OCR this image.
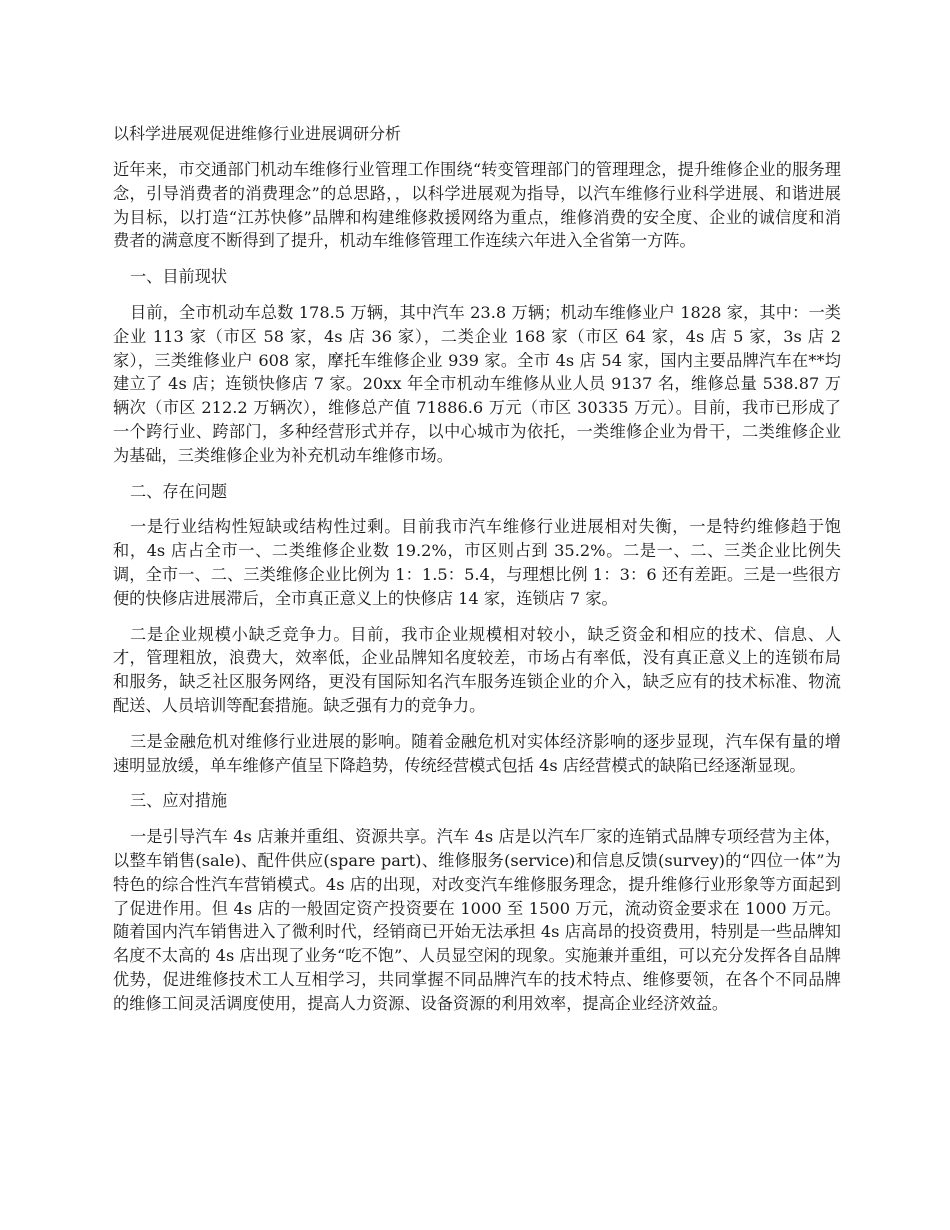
以科学进展观促进维修行业进展调研分析

近年来，市交通部门机动车维修行业管理工作围绕“转变管理部门的管理理念，提升维修企业的服务理念，引导消费者的消费理念”的总思路，，以科学进展观为指导，以汽车维修行业科学进展、和谐进展为目标，以打造“江苏快修”品牌和构建维修救援网络为重点，维修消费的安全度、企业的诚信度和消费者的满意度不断得到了提升，机动车维修管理工作连续六年进入全省第一方阵。

一、目前现状

目前，全市机动车总数 178.5 万辆，其中汽车 23.8 万辆；机动车维修业户 1828 家，其中：一类企业 113 家（市区 58 家，4s 店 36 家），二类企业 168 家（市区 64 家，4s 店 5 家，3s 店 2 家），三类维修业户 608 家，摩托车维修企业 939 家。全市 4s 店 54 家，国内主要品牌汽车在**均建立了 4s 店；连锁快修店 7 家。20xx 年全市机动车维修从业人员 9137 名，维修总量 538.87 万辆次（市区 212.2 万辆次），维修总产值 71886.6 万元（市区 30335 万元）。目前，我市已形成了一个跨行业、跨部门，多种经营形式并存，以中心城市为依托，一类维修企业为骨干，二类维修企业为基础，三类维修企业为补充机动车维修市场。

二、存在问题

一是行业结构性短缺或结构性过剩。目前我市汽车维修行业进展相对失衡，一是特约维修趋于饱和，4s 店占全市一、二类维修企业数 19.2%，市区则占到 35.2%。二是一、二、三类企业比例失调，全市一、二、三类维修企业比例为 1：1.5：5.4，与理想比例 1：3：6 还有差距。三是一些很方便的快修店进展滞后，全市真正意义上的快修店 14 家，连锁店 7 家。

二是企业规模小缺乏竞争力。目前，我市企业规模相对较小，缺乏资金和相应的技术、信息、人才，管理粗放，浪费大，效率低，企业品牌知名度较差，市场占有率低，没有真正意义上的连锁布局和服务，缺乏社区服务网络，更没有国际知名汽车服务连锁企业的介入，缺乏应有的技术标准、物流配送、人员培训等配套措施。缺乏强有力的竞争力。

三是金融危机对维修行业进展的影响。随着金融危机对实体经济影响的逐步显现，汽车保有量的增速明显放缓，单车维修产值呈下降趋势，传统经营模式包括 4s 店经营模式的缺陷已经逐渐显现。

三、应对措施

一是引导汽车 4s 店兼并重组、资源共享。汽车 4s 店是以汽车厂家的连销式品牌专项经营为主体，以整车销售(sale)、配件供应(spare part)、维修服务(service)和信息反馈(survey)的“四位一体”为特色的综合性汽车营销模式。4s 店的出现，对改变汽车维修服务理念，提升维修行业形象等方面起到了促进作用。但 4s 店的一般固定资产投资要在 1000 至 1500 万元，流动资金要求在 1000 万元。随着国内汽车销售进入了微利时代，经销商已开始无法承担 4s 店高昂的投资费用，特别是一些品牌知名度不太高的 4s 店出现了业务“吃不饱”、人员显空闲的现象。实施兼并重组，可以充分发挥各自品牌优势，促进维修技术工人互相学习，共同掌握不同品牌汽车的技术特点、维修要领，在各个不同品牌的维修工间灵活调度使用，提高人力资源、设备资源的利用效率，提高企业经济效益。
